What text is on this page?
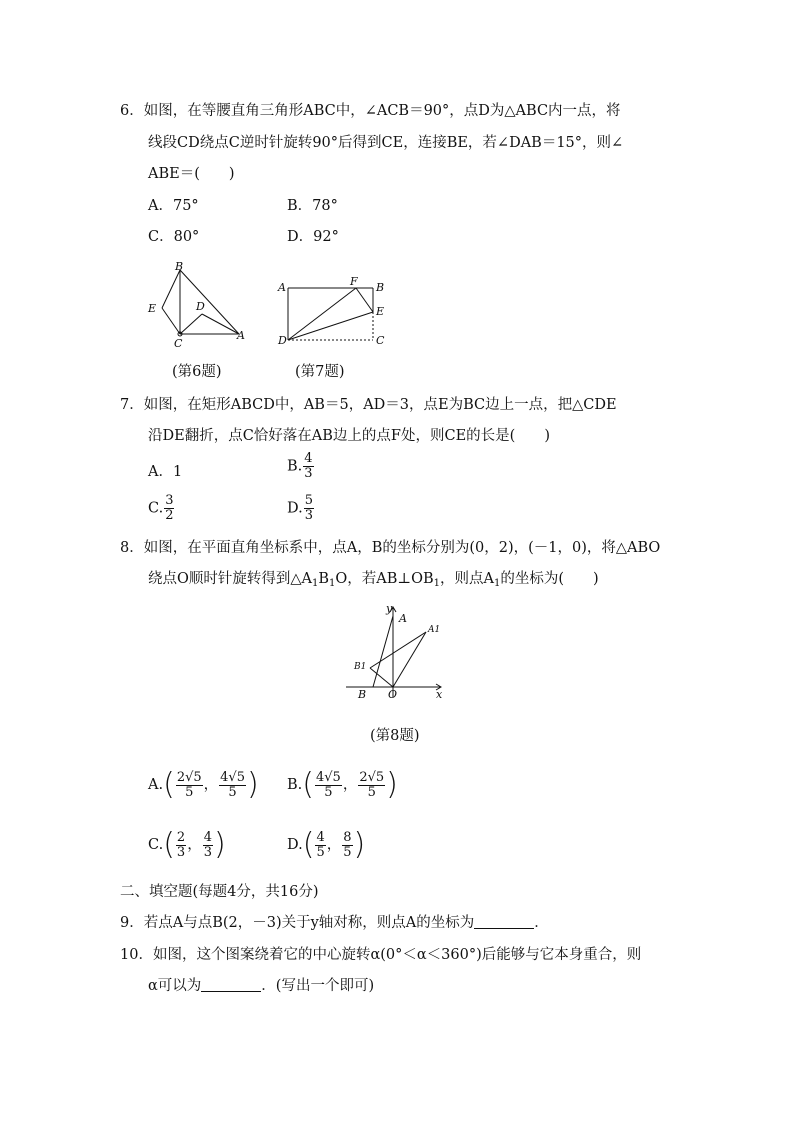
6．如图，在等腰直角三角形ABC中，∠ACB＝90°，点D为△ABC内一点，将
线段CD绕点C逆时针旋转90°后得到CE，连接BE，若∠DAB＝15°，则∠
ABE＝(　　)
A．75°	B．78°
C．80°	D．92°
B
E	D
C
A
A	F B
E
D	C
(第6题)	(第7题)
7．如图，在矩形ABCD中，AB＝5，AD＝3，点E为BC边上一点，把△CDE
沿DE翻折，点C恰好落在AB边上的点F处，则CE的长是(　　)
A．1	B. $\frac{4}{3}$
C. $\frac{3}{2}$	D. $\frac{5}{3}$
8．如图，在平面直角坐标系中，点A，B的坐标分别为(0，2)，(－1，0)，将△ABO
绕点O顺时针旋转得到$\triangle A_1B_1O$，若$AB\perp OB_1$，则点$A_1$的坐标为(　　)
y
A
A1
B1
B O	x
(第8题)
$A.( \frac{2√5}{5}$ ， $\frac{4√5}{5}$ ) $B.( \frac{4√5}{5}$ ， $\frac{2√5}{5}$ )
$C.( \frac{2}{3}$ ， $\frac{4}{3}$ )	$D.( \frac{4}{5}$ ， $\frac{8}{5}$ )
二、填空题(每题4分，共16分)
9．若点A与点B(2，－3)关于y轴对称，则点A的坐标为	．
10．如图，这个图案绕着它的中心旋转α(0°＜α＜360°)后能够与它本身重合，则
α可以为	．(写出一个即可)
